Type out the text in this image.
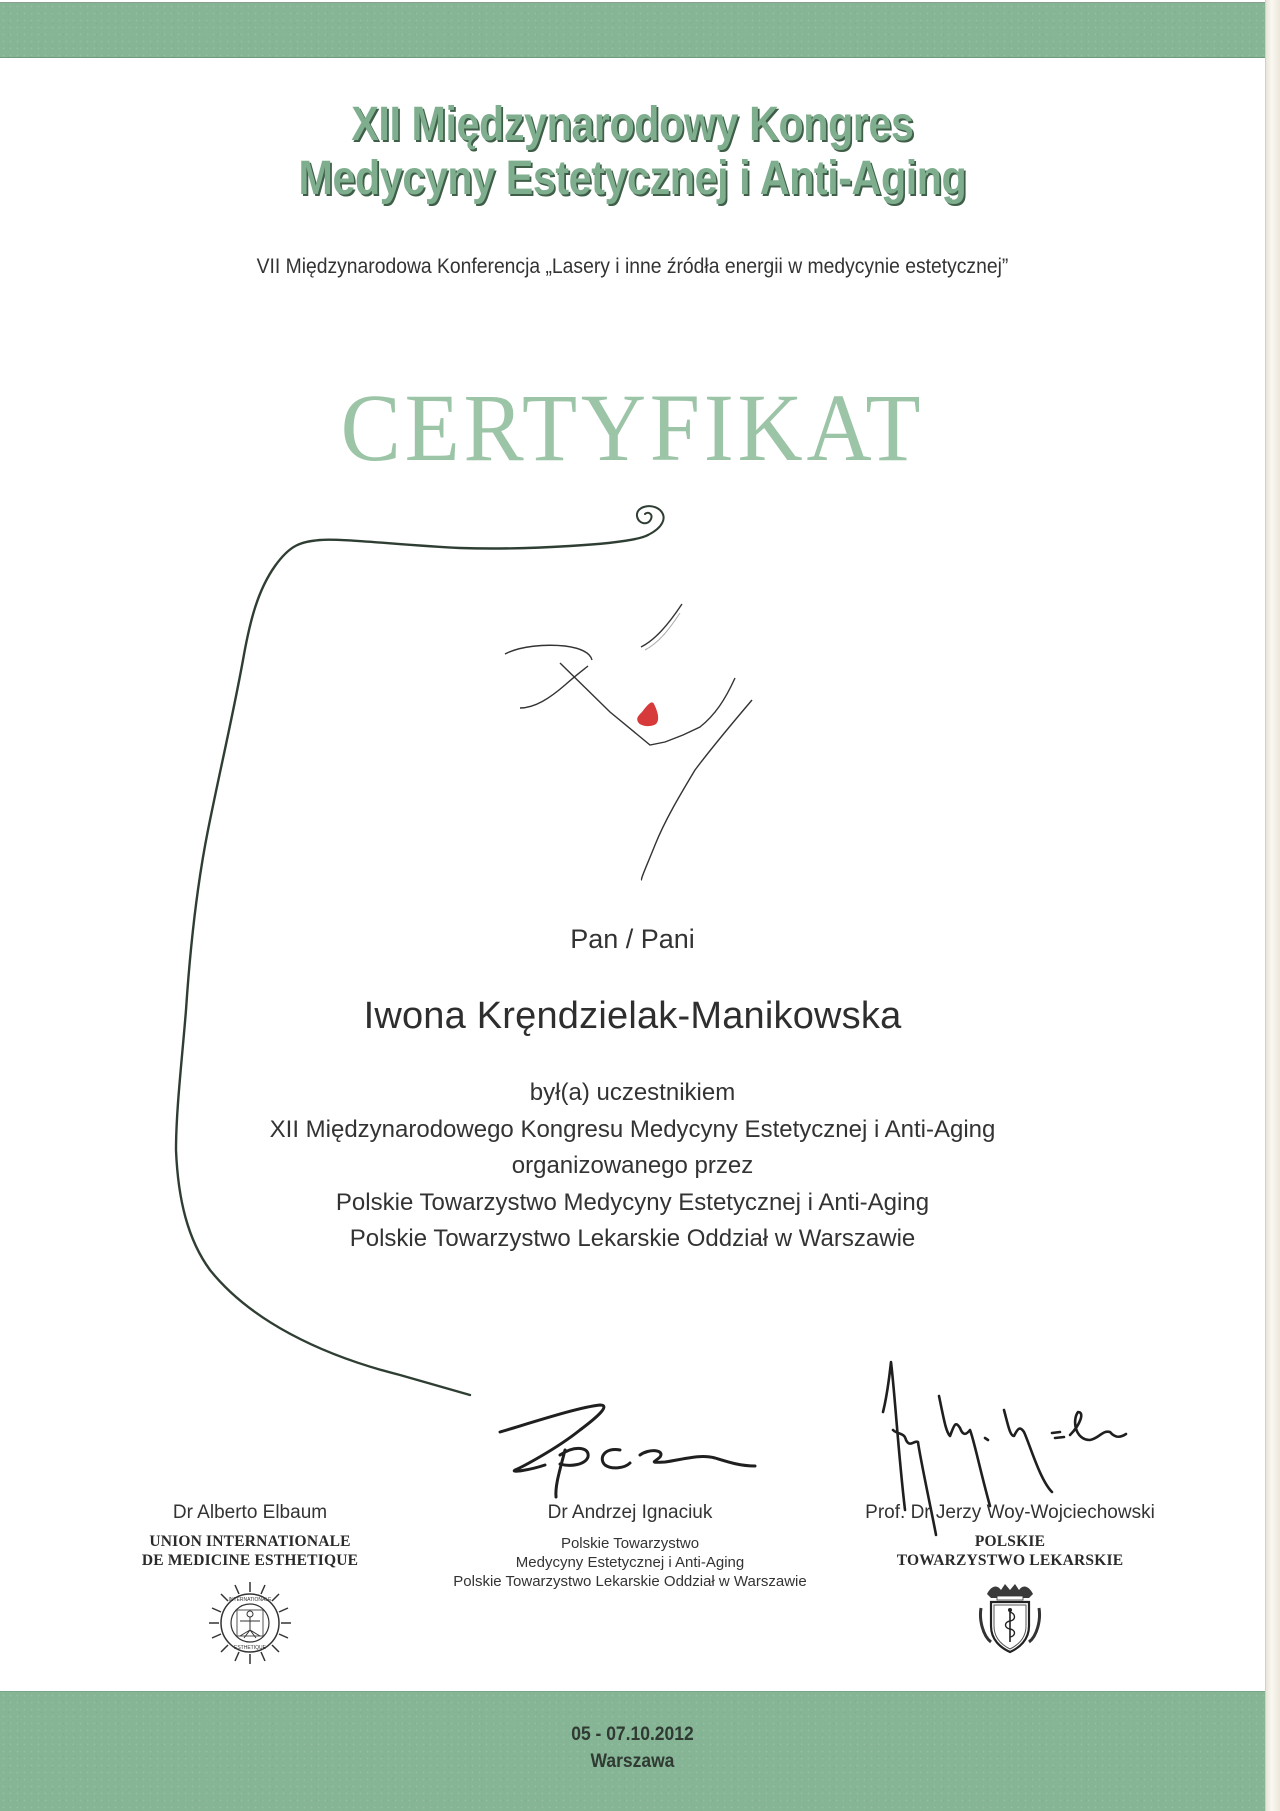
XII Międzynarodowy Kongres
Medycyny Estetycznej i Anti-Aging
VII Międzynarodowa Konferencja „Lasery i inne źródła energii w medycynie estetycznej”
CERTYFIKAT
Pan / Pani
Iwona Kręndzielak-Manikowska
był(a) uczestnikiem
XII Międzynarodowego Kongresu Medycyny Estetycznej i Anti-Aging
organizowanego przez
Polskie Towarzystwo Medycyny Estetycznej i Anti-Aging
Polskie Towarzystwo Lekarskie Oddział w Warszawie
Dr Alberto Elbaum
UNION INTERNATIONALE
DE MEDICINE ESTHETIQUE
INTERNATIONALE
ESTHETIQUE
Dr Andrzej Ignaciuk
Polskie Towarzystwo
Medycyny Estetycznej i Anti-Aging
Polskie Towarzystwo Lekarskie Oddział w Warszawie
Prof. Dr Jerzy Woy-Wojciechowski
POLSKIE
TOWARZYSTWO LEKARSKIE
05 - 07.10.2012
Warszawa
